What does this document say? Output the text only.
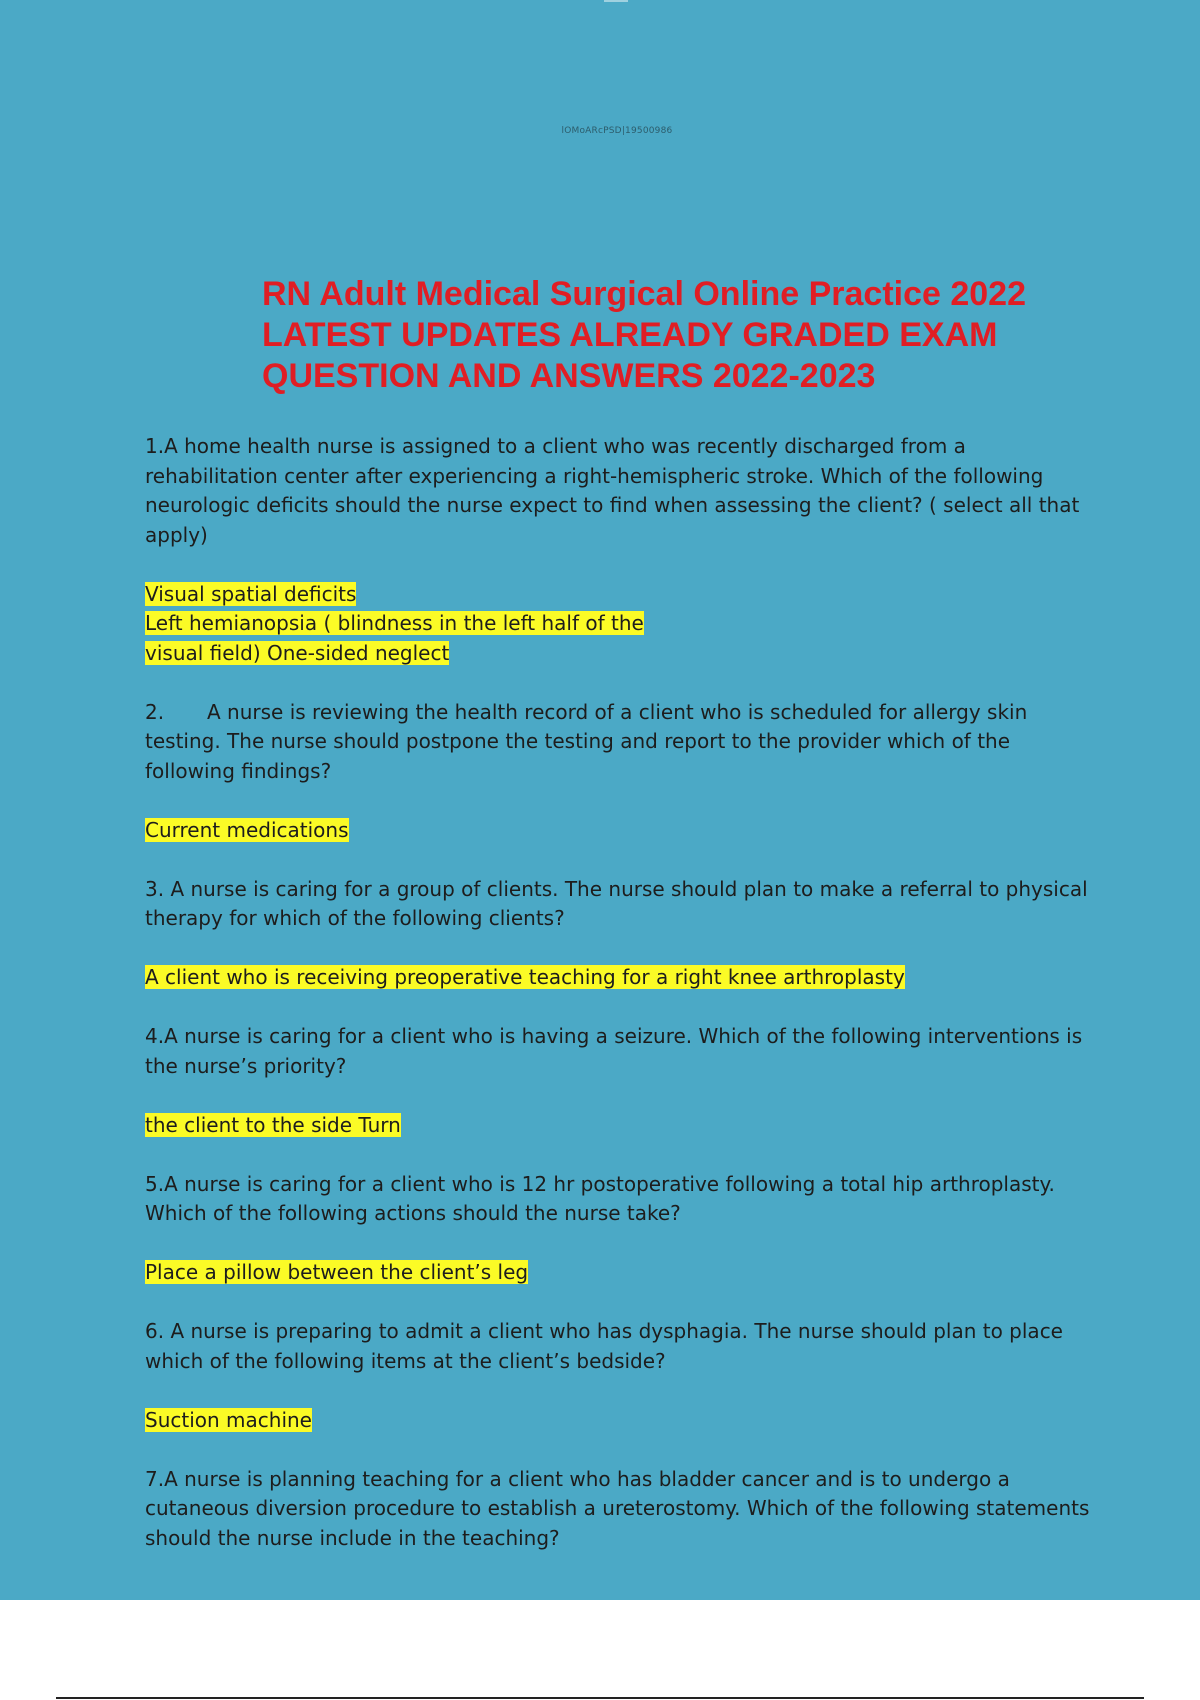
lOMoARcPSD|19500986
RN Adult Medical Surgical Online Practice 2022
LATEST UPDATES ALREADY GRADED EXAM
QUESTION AND ANSWERS 2022-2023

1.A home health nurse is assigned to a client who was recently discharged from a rehabilitation center after experiencing a right-hemispheric stroke. Which of the following neurologic deficits should the nurse expect to find when assessing the client? ( select all that apply)

Visual spatial deficits
Left hemianopsia ( blindness in the left half of the
visual field) One-sided neglect

2. A nurse is reviewing the health record of a client who is scheduled for allergy skin testing. The nurse should postpone the testing and report to the provider which of the following findings?

Current medications

3. A nurse is caring for a group of clients. The nurse should plan to make a referral to physical therapy for which of the following clients?

A client who is receiving preoperative teaching for a right knee arthroplasty

4.A nurse is caring for a client who is having a seizure. Which of the following interventions is the nurse’s priority?

the client to the side Turn

5.A nurse is caring for a client who is 12 hr postoperative following a total hip arthroplasty. Which of the following actions should the nurse take?

Place a pillow between the client’s leg

6. A nurse is preparing to admit a client who has dysphagia. The nurse should plan to place which of the following items at the client’s bedside?

Suction machine

7.A nurse is planning teaching for a client who has bladder cancer and is to undergo a cutaneous diversion procedure to establish a ureterostomy. Which of the following statements should the nurse include in the teaching?
